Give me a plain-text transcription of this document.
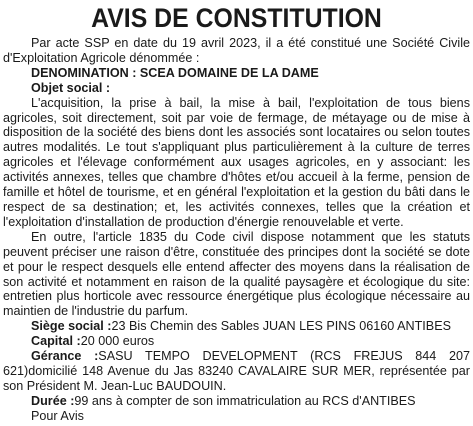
AVIS DE CONSTITUTION

Par acte SSP en date du 19 avril 2023, il a été constitué une Société Civile d'Exploitation Agricole dénommée :

DENOMINATION : SCEA DOMAINE DE LA DAME

Objet social :

L'acquisition, la prise à bail, la mise à bail, l'exploitation de tous biens agricoles, soit directement, soit par voie de fermage, de métayage ou de mise à disposition de la société des biens dont les associés sont locataires ou selon toutes autres modalités. Le tout s'appliquant plus particulièrement à la culture de terres agricoles et l'élevage conformément aux usages agricoles, en y associant: les activités annexes, telles que chambre d'hôtes et/ou accueil à la ferme, pension de famille et hôtel de tourisme, et en général l'exploitation et la gestion du bâti dans le respect de sa destination; et, les activités connexes, telles que la création et l'exploitation d'installation de production d'énergie renouvelable et verte.

En outre, l'article 1835 du Code civil dispose notamment que les statuts peuvent préciser une raison d'être, constituée des principes dont la société se dote et pour le respect desquels elle entend affecter des moyens dans la réalisation de son activité et notamment en raison de la qualité paysagère et écologique du site: entretien plus horticole avec ressource énergétique plus écologique nécessaire au maintien de l'industrie du parfum.

Siège social :23 Bis Chemin des Sables JUAN LES PINS 06160 ANTIBES

Capital :20 000 euros

Gérance :SASU TEMPO DEVELOPMENT (RCS FREJUS 844 207 621)domicilié 148 Avenue du Jas 83240 CAVALAIRE SUR MER, représentée par son Président M. Jean-Luc BAUDOUIN.

Durée :99 ans à compter de son immatriculation au RCS d'ANTIBES

Pour Avis
